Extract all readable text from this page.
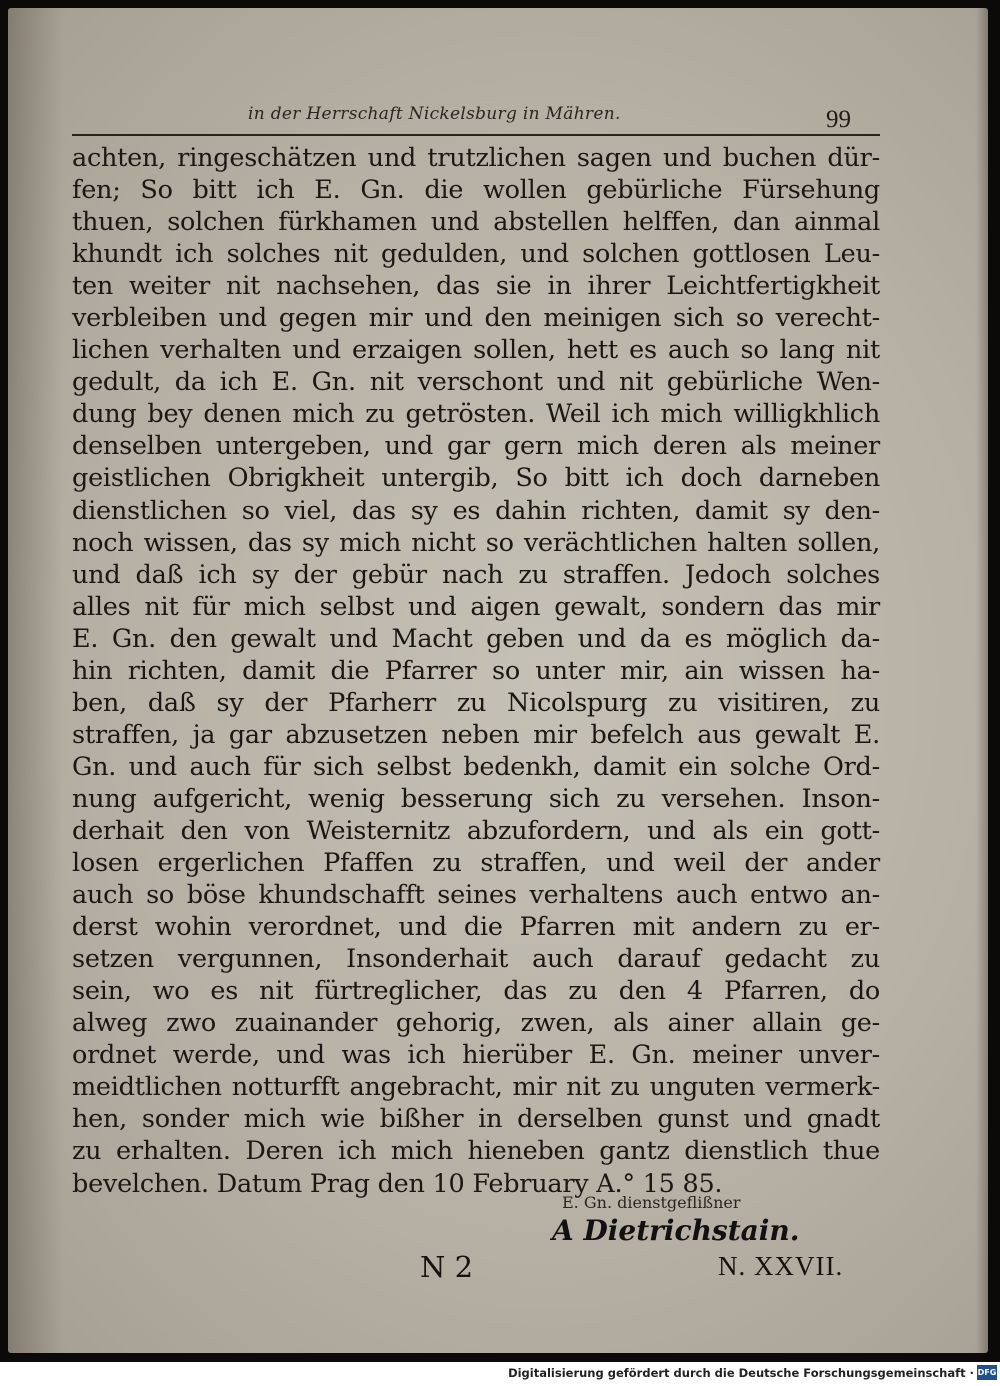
in der Herrschaft Nickelsburg in Mähren.	99
achten, ringeschätzen und trutzlichen sagen und buchen dür-
fen; So bitt ich E. Gn. die wollen gebürliche Fürsehung
thuen, solchen fürkhamen und abstellen helffen, dan ainmal
khundt ich solches nit gedulden, und solchen gottlosen Leu-
ten weiter nit nachsehen, das sie in ihrer Leichtfertigkheit
verbleiben und gegen mir und den meinigen sich so verecht-
lichen verhalten und erzaigen sollen, hett es auch so lang nit
gedult, da ich E. Gn. nit verschont und nit gebürliche Wen-
dung bey denen mich zu getrösten. Weil ich mich willigkhlich
denselben untergeben, und gar gern mich deren als meiner
geistlichen Obrigkheit untergib, So bitt ich doch darneben
dienstlichen so viel, das sy es dahin richten, damit sy den-
noch wissen, das sy mich nicht so verächtlichen halten sollen,
und daß ich sy der gebür nach zu straffen. Jedoch solches
alles nit für mich selbst und aigen gewalt, sondern das mir
E. Gn. den gewalt und Macht geben und da es möglich da-
hin richten, damit die Pfarrer so unter mir, ain wissen ha-
ben, daß sy der Pfarherr zu Nicolspurg zu visitiren, zu
straffen, ja gar abzusetzen neben mir befelch aus gewalt E.
Gn. und auch für sich selbst bedenkh, damit ein solche Ord-
nung aufgericht, wenig besserung sich zu versehen. Inson-
derhait den von Weisternitz abzufordern, und als ein gott-
losen ergerlichen Pfaffen zu straffen, und weil der ander
auch so böse khundschafft seines verhaltens auch entwo an-
derst wohin verordnet, und die Pfarren mit andern zu er-
setzen vergunnen, Insonderhait auch darauf gedacht zu
sein, wo es nit fürtreglicher, das zu den 4 Pfarren, do
alweg zwo zuainander gehorig, zwen, als ainer allain ge-
ordnet werde, und was ich hierüber E. Gn. meiner unver-
meidtlichen notturfft angebracht, mir nit zu unguten vermerk-
hen, sonder mich wie bißher in derselben gunst und gnadt
zu erhalten. Deren ich mich hieneben gantz dienstlich thue
bevelchen. Datum Prag den 10 February A.° 15 85.
E. Gn. dienstgeflißner
A Dietrichstain.
N 2	N. XXVII.
Digitalisierung gefördert durch die Deutsche Forschungsgemeinschaft · DFG
